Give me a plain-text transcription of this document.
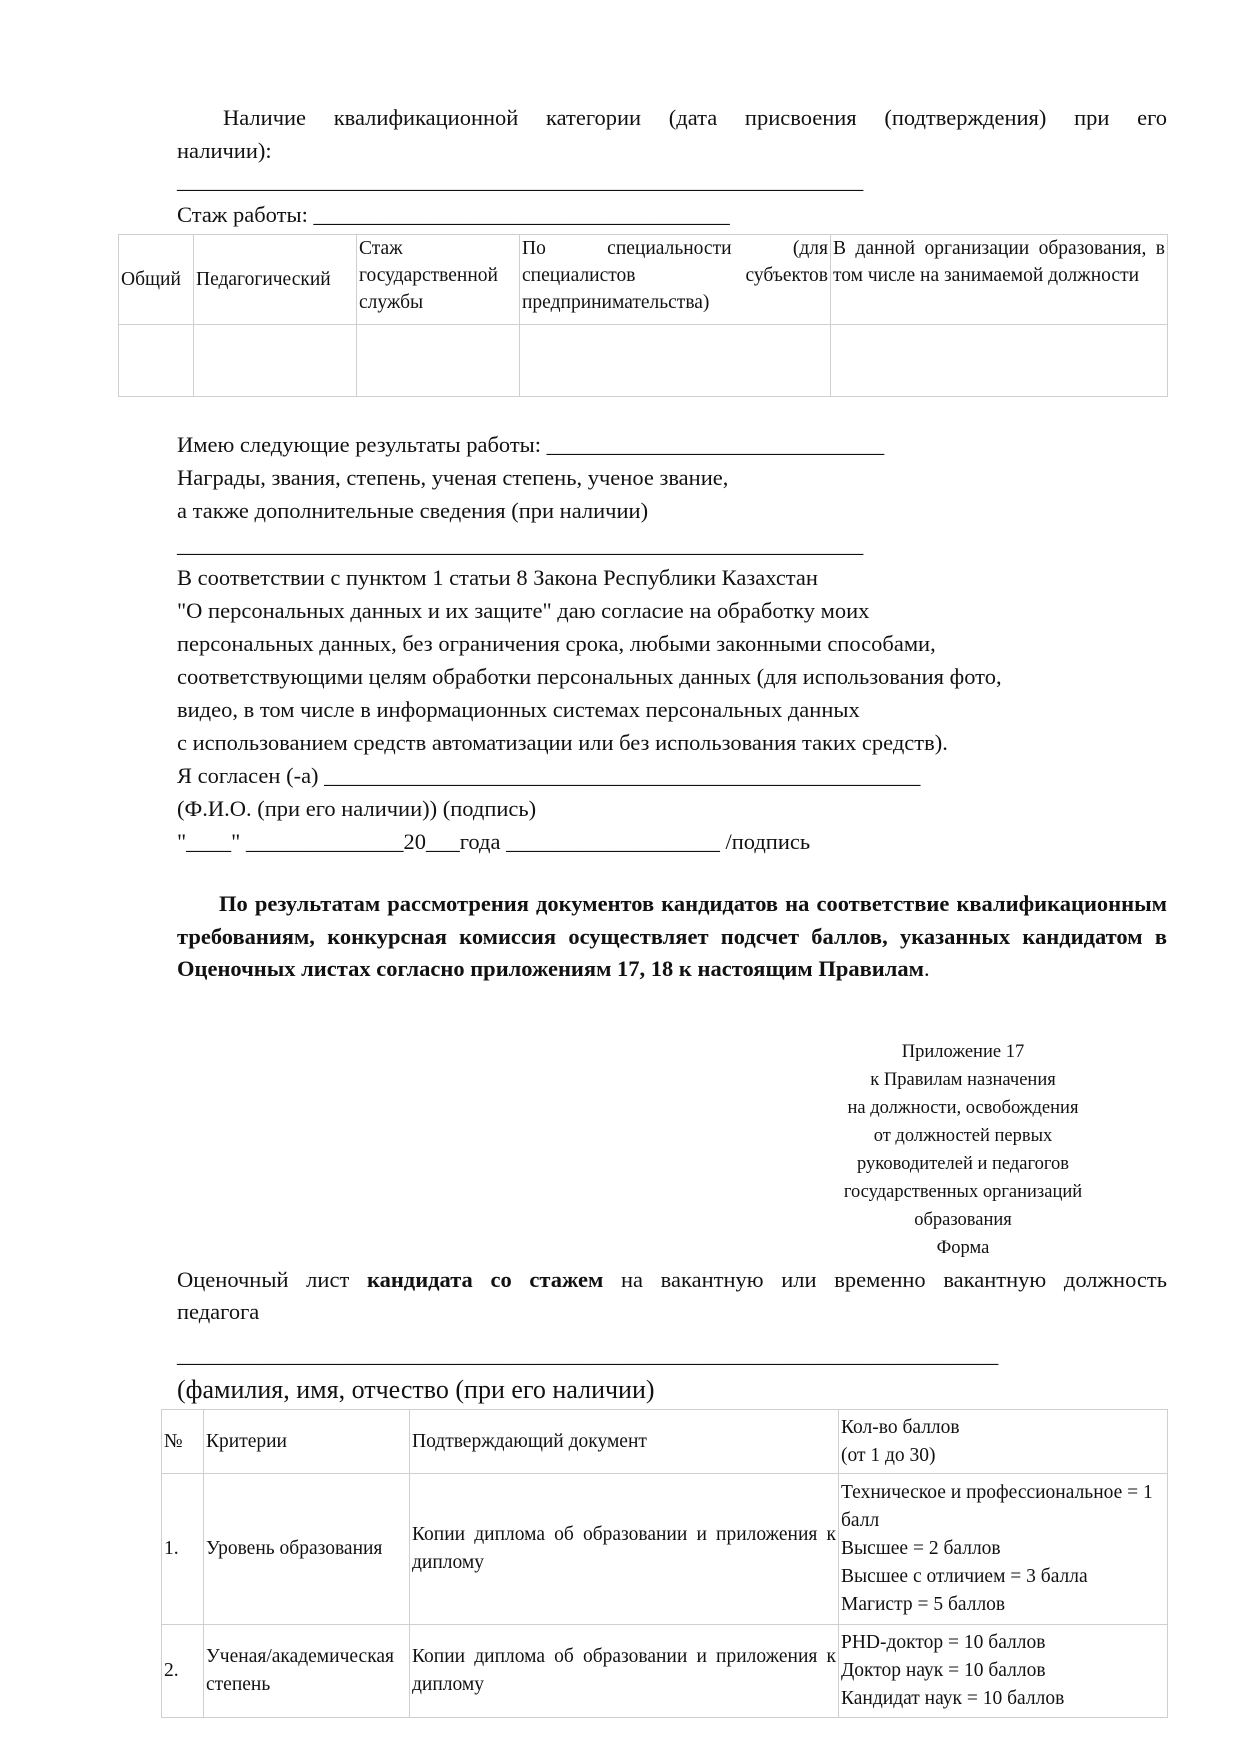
Наличие квалификационной категории (дата присвоения (подтверждения) при его
наличии):
_____________________________________________________________
Стаж работы: _____________________________________
Общий	Педагогический	Стаж государственной службы	По специальности (для специалистов субъектов предпринимательства)	В данной организации образования, в том числе на занимаемой должности

Имею следующие результаты работы: ______________________________
Награды, звания, степень, ученая степень, ученое звание,
а также дополнительные сведения (при наличии)
_____________________________________________________________
В соответствии с пунктом 1 статьи 8 Закона Республики Казахстан
"О персональных данных и их защите" даю согласие на обработку моих
персональных данных, без ограничения срока, любыми законными способами,
соответствующими целям обработки персональных данных (для использования фото,
видео, в том числе в информационных системах персональных данных
с использованием средств автоматизации или без использования таких средств).
Я согласен (-а) _____________________________________________________
(Ф.И.О. (при его наличии)) (подпись)
"____" ______________20___года ___________________ /подпись
По результатам рассмотрения документов кандидатов на соответствие квалификационным требованиям, конкурсная комиссия осуществляет подсчет баллов, указанных кандидатом в Оценочных листах согласно приложениям 17, 18 к настоящим Правилам.
Приложение 17
к Правилам назначения
на должности, освобождения
от должностей первых
руководителей и педагогов
государственных организаций
образования
Форма
Оценочный лист кандидата со стажем на вакантную или временно вакантную должность
педагога
_________________________________________________________________________
(фамилия, имя, отчество (при его наличии)
№	Критерии	Подтверждающий документ	Кол-во баллов
(от 1 до 30)

1.	Уровень образования	Копии диплома об образовании и приложения к диплому	Техническое и профессиональное = 1 балл
Высшее = 2 баллов
Высшее с отличием = 3 балла
Магистр = 5 баллов

2.	Ученая/академическая степень	Копии диплома об образовании и приложения к диплому	PHD-доктор = 10 баллов
Доктор наук = 10 баллов
Кандидат наук = 10 баллов
